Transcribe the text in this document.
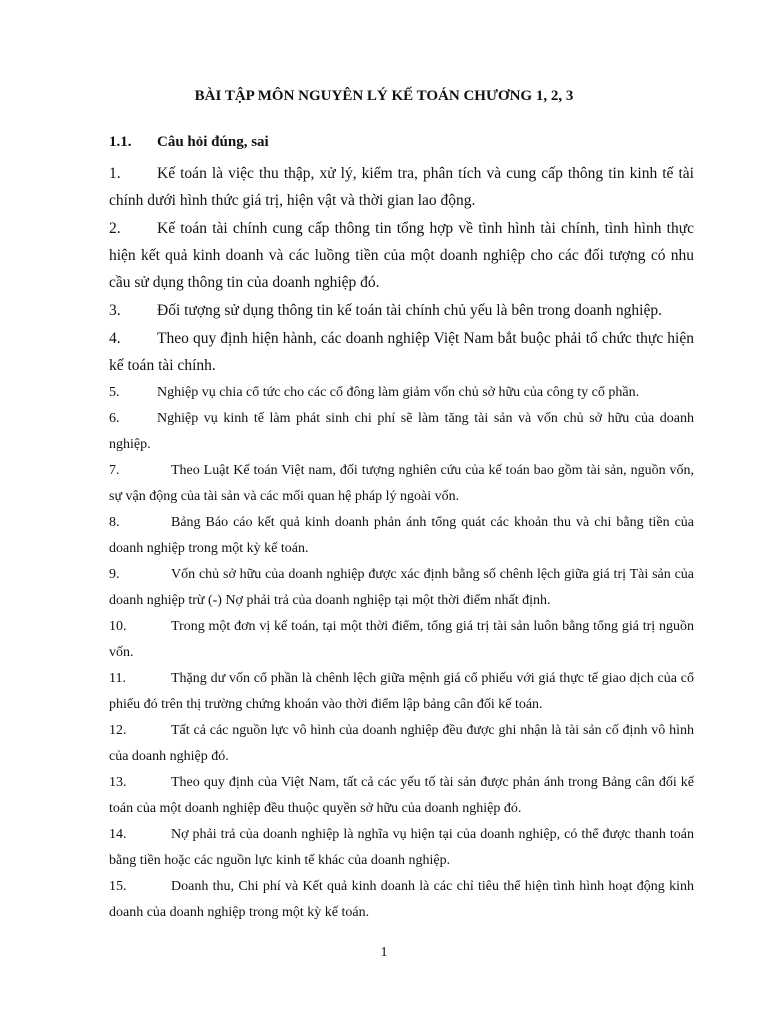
BÀI TẬP MÔN NGUYÊN LÝ KẾ TOÁN CHƯƠNG 1, 2, 3
1.1. Câu hỏi đúng, sai

1. Kế toán là việc thu thập, xử lý, kiểm tra, phân tích và cung cấp thông tin kinh tế tài chính dưới hình thức giá trị, hiện vật và thời gian lao động.

2. Kế toán tài chính cung cấp thông tin tổng hợp về tình hình tài chính, tình hình thực hiện kết quả kinh doanh và các luồng tiền của một doanh nghiệp cho các đối tượng có nhu cầu sử dụng thông tin của doanh nghiệp đó.

3. Đối tượng sử dụng thông tin kế toán tài chính chủ yếu là bên trong doanh nghiệp.

4. Theo quy định hiện hành, các doanh nghiệp Việt Nam bắt buộc phải tổ chức thực hiện kế toán tài chính.

5.	Nghiệp vụ chia cổ tức cho các cổ đông làm giảm vốn chủ sở hữu của công ty cổ phần.

6.	Nghiệp vụ kinh tế làm phát sinh chi phí sẽ làm tăng tài sản và vốn chủ sở hữu của doanh nghiệp.

7.	Theo Luật Kế toán Việt nam, đối tượng nghiên cứu của kế toán bao gồm tài sản, nguồn vốn, sự vận động của tài sản và các mối quan hệ pháp lý ngoài vốn.

8.	Bảng Báo cáo kết quả kinh doanh phản ánh tổng quát các khoản thu và chi bằng tiền của doanh nghiệp trong một kỳ kế toán.

9.	Vốn chủ sở hữu của doanh nghiệp được xác định bằng số chênh lệch giữa giá trị Tài sản của doanh nghiệp trừ (-) Nợ phải trả của doanh nghiệp tại một thời điểm nhất định.

10.	Trong một đơn vị kế toán, tại một thời điểm, tổng giá trị tài sản luôn bằng tổng giá trị nguồn vốn.

11.	Thặng dư vốn cổ phần là chênh lệch giữa mệnh giá cổ phiếu với giá thực tế giao dịch của cổ phiếu đó trên thị trường chứng khoán vào thời điểm lập bảng cân đối kế toán.

12.	Tất cả các nguồn lực vô hình của doanh nghiệp đều được ghi nhận là tài sản cố định vô hình của doanh nghiệp đó.

13.	Theo quy định của Việt Nam, tất cả các yếu tố tài sản được phản ánh trong Bảng cân đối kế toán của một doanh nghiệp đều thuộc quyền sở hữu của doanh nghiệp đó.

14.	Nợ phải trả của doanh nghiệp là nghĩa vụ hiện tại của doanh nghiệp, có thể được thanh toán bằng tiền hoặc các nguồn lực kinh tế khác của doanh nghiệp.

15.	Doanh thu, Chi phí và Kết quả kinh doanh là các chỉ tiêu thể hiện tình hình hoạt động kinh doanh của doanh nghiệp trong một kỳ kế toán.

1
